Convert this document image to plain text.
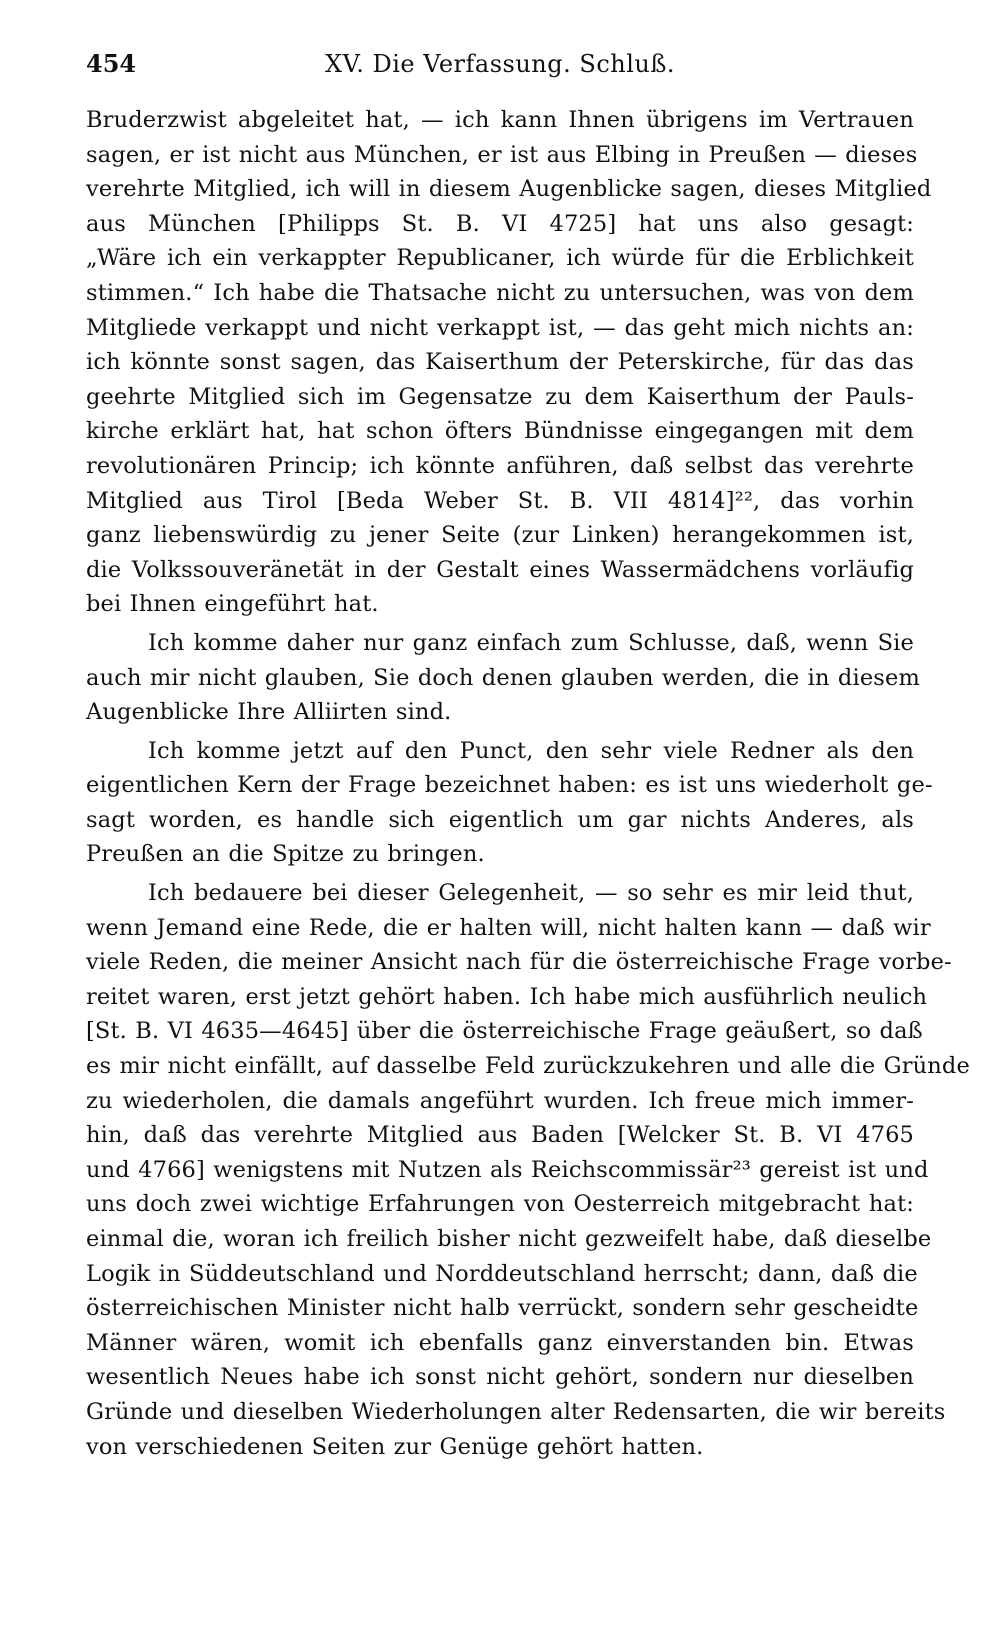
454	XV. Die Verfassung. Schluß.
Bruderzwist abgeleitet hat, — ich kann Ihnen übrigens im Vertrauen
sagen, er ist nicht aus München, er ist aus Elbing in Preußen — dieses
verehrte Mitglied, ich will in diesem Augenblicke sagen, dieses Mitglied
aus München [Philipps St. B. VI 4725] hat uns also gesagt:
„Wäre ich ein verkappter Republicaner, ich würde für die Erblichkeit
stimmen.“ Ich habe die Thatsache nicht zu untersuchen, was von dem
Mitgliede verkappt und nicht verkappt ist, — das geht mich nichts an:
ich könnte sonst sagen, das Kaiserthum der Peterskirche, für das das
geehrte Mitglied sich im Gegensatze zu dem Kaiserthum der Pauls-
kirche erklärt hat, hat schon öfters Bündnisse eingegangen mit dem
revolutionären Princip; ich könnte anführen, daß selbst das verehrte
Mitglied aus Tirol [Beda Weber St. B. VII 4814]²², das vorhin
ganz liebenswürdig zu jener Seite (zur Linken) herangekommen ist,
die Volkssouveränetät in der Gestalt eines Wassermädchens vorläufig
bei Ihnen eingeführt hat.
Ich komme daher nur ganz einfach zum Schlusse, daß, wenn Sie
auch mir nicht glauben, Sie doch denen glauben werden, die in diesem
Augenblicke Ihre Alliirten sind.
Ich komme jetzt auf den Punct, den sehr viele Redner als den
eigentlichen Kern der Frage bezeichnet haben: es ist uns wiederholt ge-
sagt worden, es handle sich eigentlich um gar nichts Anderes, als
Preußen an die Spitze zu bringen.
Ich bedauere bei dieser Gelegenheit, — so sehr es mir leid thut,
wenn Jemand eine Rede, die er halten will, nicht halten kann — daß wir
viele Reden, die meiner Ansicht nach für die österreichische Frage vorbe-
reitet waren, erst jetzt gehört haben. Ich habe mich ausführlich neulich
[St. B. VI 4635—4645] über die österreichische Frage geäußert, so daß
es mir nicht einfällt, auf dasselbe Feld zurückzukehren und alle die Gründe
zu wiederholen, die damals angeführt wurden. Ich freue mich immer-
hin, daß das verehrte Mitglied aus Baden [Welcker St. B. VI 4765
und 4766] wenigstens mit Nutzen als Reichscommissär²³ gereist ist und
uns doch zwei wichtige Erfahrungen von Oesterreich mitgebracht hat:
einmal die, woran ich freilich bisher nicht gezweifelt habe, daß dieselbe
Logik in Süddeutschland und Norddeutschland herrscht; dann, daß die
österreichischen Minister nicht halb verrückt, sondern sehr gescheidte
Männer wären, womit ich ebenfalls ganz einverstanden bin. Etwas
wesentlich Neues habe ich sonst nicht gehört, sondern nur dieselben
Gründe und dieselben Wiederholungen alter Redensarten, die wir bereits
von verschiedenen Seiten zur Genüge gehört hatten.
